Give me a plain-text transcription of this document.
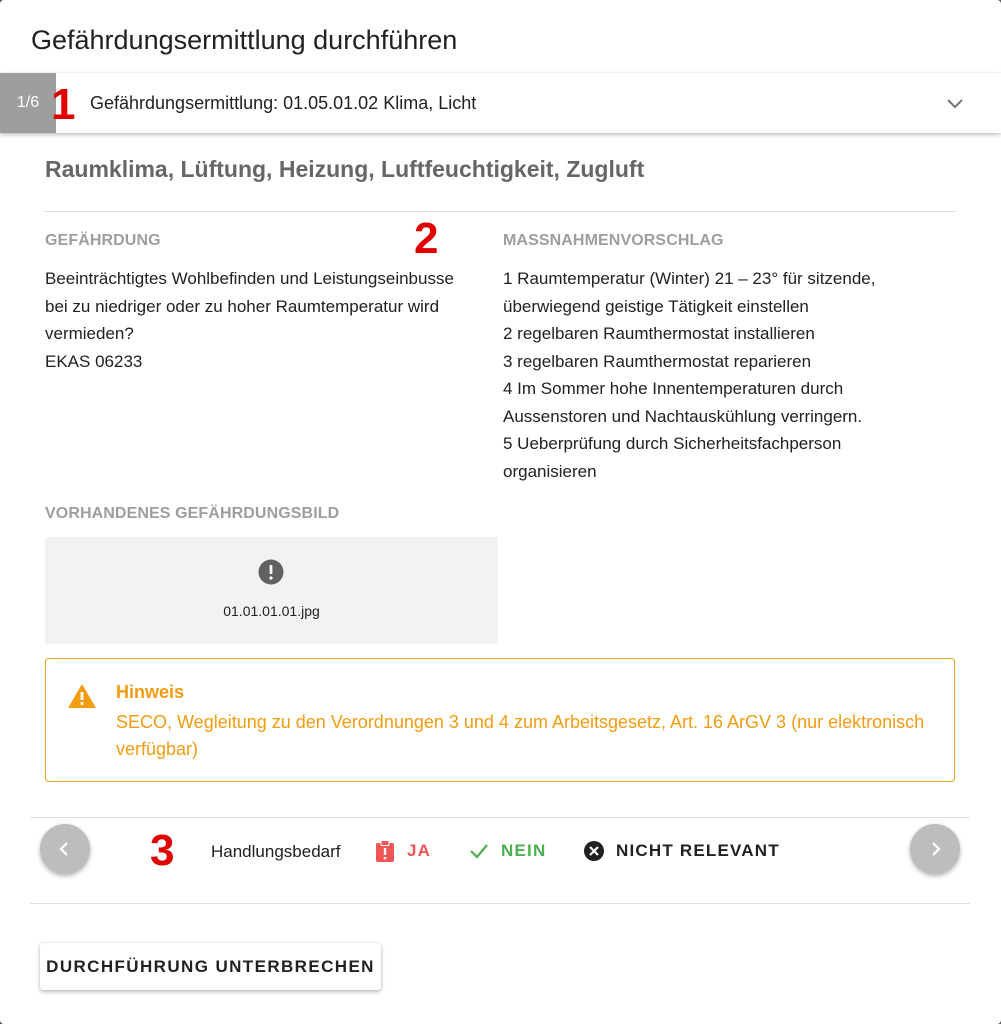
Gefährdungsermittlung durchführen
1/6	Gefährdungsermittlung: 01.05.01.02 Klima, Licht
1
2
3
Raumklima, Lüftung, Heizung, Luftfeuchtigkeit, Zugluft
GEFÄHRDUNG	MASSNAHMENVORSCHLAG
Beeinträchtigtes Wohlbefinden und Leistungseinbusse
bei zu niedriger oder zu hoher Raumtemperatur wird
vermieden?
EKAS 06233
1 Raumtemperatur (Winter) 21 – 23° für sitzende,
überwiegend geistige Tätigkeit einstellen
2 regelbaren Raumthermostat installieren
3 regelbaren Raumthermostat reparieren
4 Im Sommer hohe Innentemperaturen durch
Aussenstoren und Nachtauskühlung verringern.
5 Ueberprüfung durch Sicherheitsfachperson
organisieren
VORHANDENES GEFÄHRDUNGSBILD
01.01.01.01.jpg
Hinweis
SECO, Wegleitung zu den Verordnungen 3 und 4 zum Arbeitsgesetz, Art. 16 ArGV 3 (nur elektronisch verfügbar)
Handlungsbedarf	JA	NEIN	NICHT RELEVANT
DURCHFÜHRUNG UNTERBRECHEN
